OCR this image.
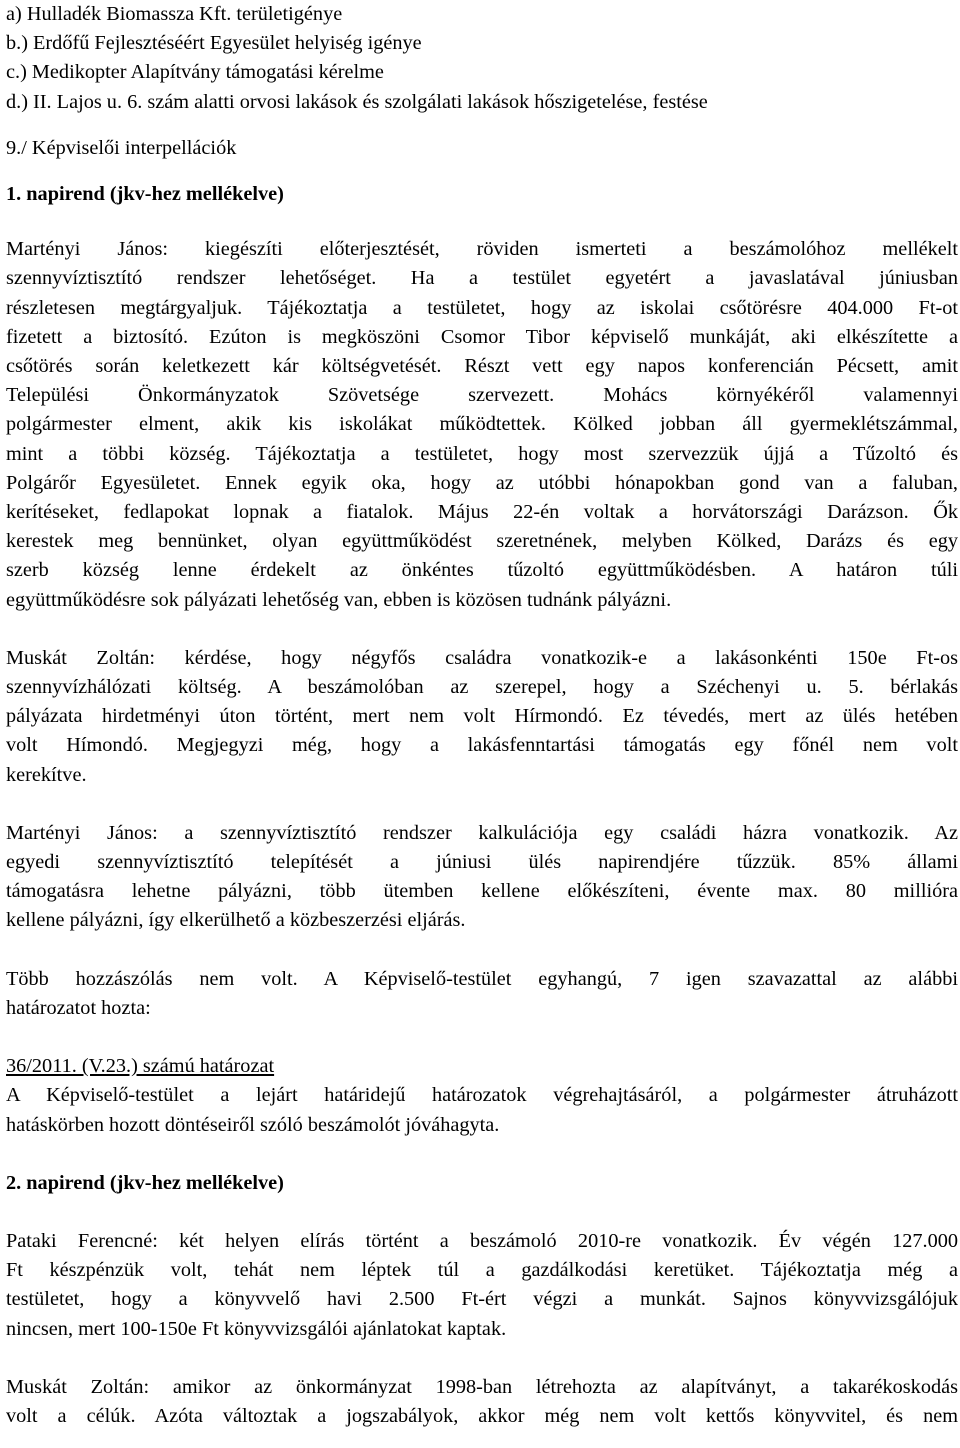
a) Hulladék Biomassza Kft. területigénye

b.) Erdőfű Fejlesztéséért Egyesület helyiség igénye

c.) Medikopter Alapítvány támogatási kérelme

d.) II. Lajos u. 6. szám alatti orvosi lakások és szolgálati lakások hőszigetelése, festése

9./ Képviselői interpellációk

1. napirend (jkv-hez mellékelve)

Martényi János: kiegészíti előterjesztését, röviden ismerteti a beszámolóhoz mellékelt
szennyvíztisztító rendszer lehetőséget. Ha a testület egyetért a javaslatával júniusban
részletesen megtárgyaljuk. Tájékoztatja a testületet, hogy az iskolai csőtörésre 404.000 Ft-ot
fizetett a biztosító. Ezúton is megköszöni Csomor Tibor képviselő munkáját, aki elkészítette a
csőtörés során keletkezett kár költségvetését. Részt vett egy napos konferencián Pécsett, amit
Települési Önkormányzatok Szövetsége szervezett. Mohács környékéről valamennyi
polgármester elment, akik kis iskolákat működtettek. Kölked jobban áll gyermeklétszámmal,
mint a többi község. Tájékoztatja a testületet, hogy most szervezzük újjá a Tűzoltó és
Polgárőr Egyesületet. Ennek egyik oka, hogy az utóbbi hónapokban gond van a faluban,
kerítéseket, fedlapokat lopnak a fiatalok. Május 22-én voltak a horvátországi Darázson. Ők
kerestek meg bennünket, olyan együttműködést szeretnének, melyben Kölked, Darázs és egy
szerb község lenne érdekelt az önkéntes tűzoltó együttműködésben. A határon túli
együttműködésre sok pályázati lehetőség van, ebben is közösen tudnánk pályázni.
Muskát Zoltán: kérdése, hogy négyfős családra vonatkozik-e a lakásonkénti 150e Ft-os
szennyvízhálózati költség. A beszámolóban az szerepel, hogy a Széchenyi u. 5. bérlakás
pályázata hirdetményi úton történt, mert nem volt Hírmondó. Ez tévedés, mert az ülés hetében
volt Hímondó. Megjegyzi még, hogy a lakásfenntartási támogatás egy főnél nem volt
kerekítve.
Martényi János: a szennyvíztisztító rendszer kalkulációja egy családi házra vonatkozik. Az
egyedi szennyvíztisztító telepítését a júniusi ülés napirendjére tűzzük. 85% állami
támogatásra lehetne pályázni, több ütemben kellene előkészíteni, évente max. 80 millióra
kellene pályázni, így elkerülhető a közbeszerzési eljárás.
Több hozzászólás nem volt. A Képviselő-testület egyhangú, 7 igen szavazattal az alábbi
határozatot hozta:

36/2011. (V.23.) számú határozat

A Képviselő-testület a lejárt határidejű határozatok végrehajtásáról, a polgármester átruházott
hatáskörben hozott döntéseiről szóló beszámolót jóváhagyta.

2. napirend (jkv-hez mellékelve)

Pataki Ferencné: két helyen elírás történt a beszámoló 2010-re vonatkozik. Év végén 127.000
Ft készpénzük volt, tehát nem léptek túl a gazdálkodási keretüket. Tájékoztatja még a
testületet, hogy a könyvvelő havi 2.500 Ft-ért végzi a munkát. Sajnos könyvvizsgálójuk
nincsen, mert 100-150e Ft könyvvizsgálói ajánlatokat kaptak.
Muskát Zoltán: amikor az önkormányzat 1998-ban létrehozta az alapítványt, a takarékoskodás
volt a célúk. Azóta változtak a jogszabályok, akkor még nem volt kettős könyvvitel, és nem
